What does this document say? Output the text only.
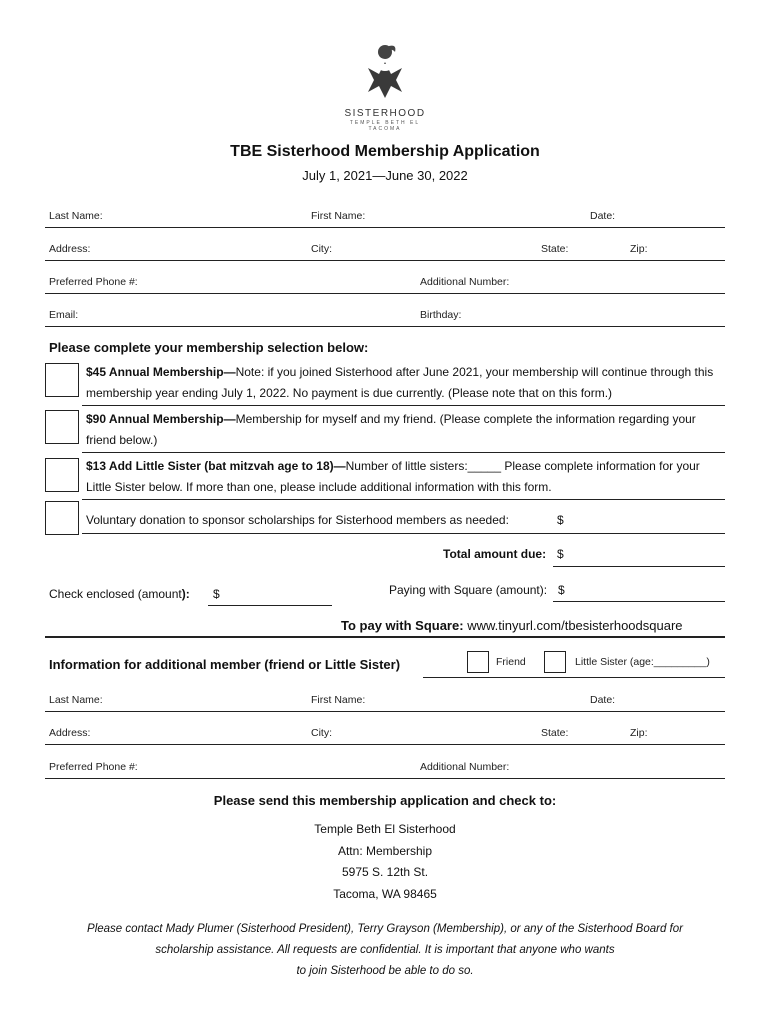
SISTERHOOD
TEMPLE BETH EL
TACOMA
TBE Sisterhood Membership Application
July 1, 2021—June 30, 2022
Last Name:	First Name:	Date:
Address:	City:	State:	Zip:
Preferred Phone #:	Additional Number:
Email:	Birthday:
Please complete your membership selection below:
$45 Annual Membership—Note: if you joined Sisterhood after June 2021, your membership will continue through this membership year ending July 1, 2022. No payment is due currently. (Please note that on this form.)
$90 Annual Membership—Membership for myself and my friend. (Please complete the information regarding your friend below.)
$13 Add Little Sister (bat mitzvah age to 18)—Number of little sisters:_____ Please complete information for your Little Sister below. If more than one, please include additional information with this form.
Voluntary donation to sponsor scholarships for Sisterhood members as needed:	$
Total amount due: $
Check enclosed (amount): $	Paying with Square (amount): $
To pay with Square: www.tinyurl.com/tbesisterhoodsquare
Information for additional member (friend or Little Sister)	Friend	Little Sister (age:_________)
Last Name:	First Name:	Date:
Address:	City:	State:	Zip:
Preferred Phone #:	Additional Number:
Please send this membership application and check to:
Temple Beth El Sisterhood
Attn: Membership
5975 S. 12th St.
Tacoma, WA 98465
Please contact Mady Plumer (Sisterhood President), Terry Grayson (Membership), or any of the Sisterhood Board for
scholarship assistance. All requests are confidential. It is important that anyone who wants
to join Sisterhood be able to do so.
